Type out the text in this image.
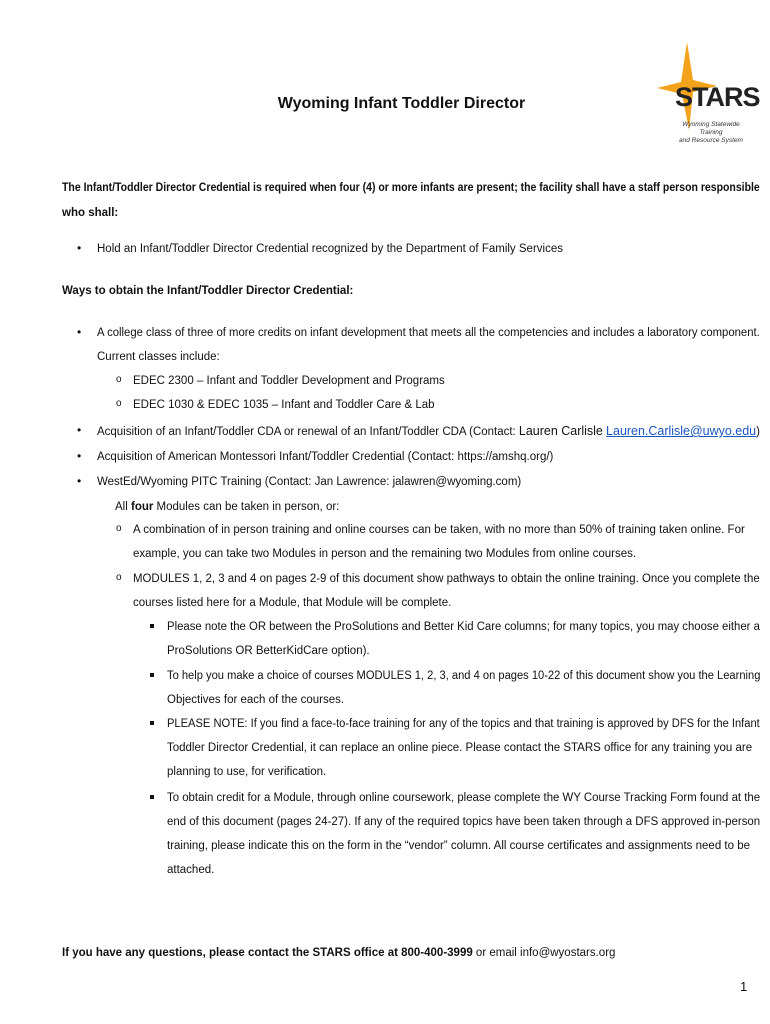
Wyoming Infant Toddler Director	STARS
Wyoming Statewide Training
and Resource System
The Infant/Toddler Director Credential is required when four (4) or more infants are present; the facility shall have a staff person responsible
who shall:
• Hold an Infant/Toddler Director Credential recognized by the Department of Family Services
Ways to obtain the Infant/Toddler Director Credential:
• A college class of three of more credits on infant development that meets all the competencies and includes a laboratory component.
Current classes include:
o EDEC 2300 – Infant and Toddler Development and Programs
o EDEC 1030 & EDEC 1035 – Infant and Toddler Care & Lab
• Acquisition of an Infant/Toddler CDA or renewal of an Infant/Toddler CDA (Contact: Lauren Carlisle Lauren.Carlisle@uwyo.edu)
• Acquisition of American Montessori Infant/Toddler Credential (Contact: https://amshq.org/)
• WestEd/Wyoming PITC Training (Contact: Jan Lawrence: jalawren@wyoming.com)
All four Modules can be taken in person, or:
o A combination of in person training and online courses can be taken, with no more than 50% of training taken online. For
example, you can take two Modules in person and the remaining two Modules from online courses.
o MODULES 1, 2, 3 and 4 on pages 2-9 of this document show pathways to obtain the online training. Once you complete the
courses listed here for a Module, that Module will be complete.
Please note the OR between the ProSolutions and Better Kid Care columns; for many topics, you may choose either a
ProSolutions OR BetterKidCare option).
To help you make a choice of courses MODULES 1, 2, 3, and 4 on pages 10-22 of this document show you the Learning
Objectives for each of the courses.
PLEASE NOTE: If you find a face-to-face training for any of the topics and that training is approved by DFS for the Infant
Toddler Director Credential, it can replace an online piece. Please contact the STARS office for any training you are
planning to use, for verification.
To obtain credit for a Module, through online coursework, please complete the WY Course Tracking Form found at the
end of this document (pages 24-27). If any of the required topics have been taken through a DFS approved in-person
training, please indicate this on the form in the “vendor” column. All course certificates and assignments need to be
attached.
If you have any questions, please contact the STARS office at 800-400-3999 or email info@wyostars.org
1
